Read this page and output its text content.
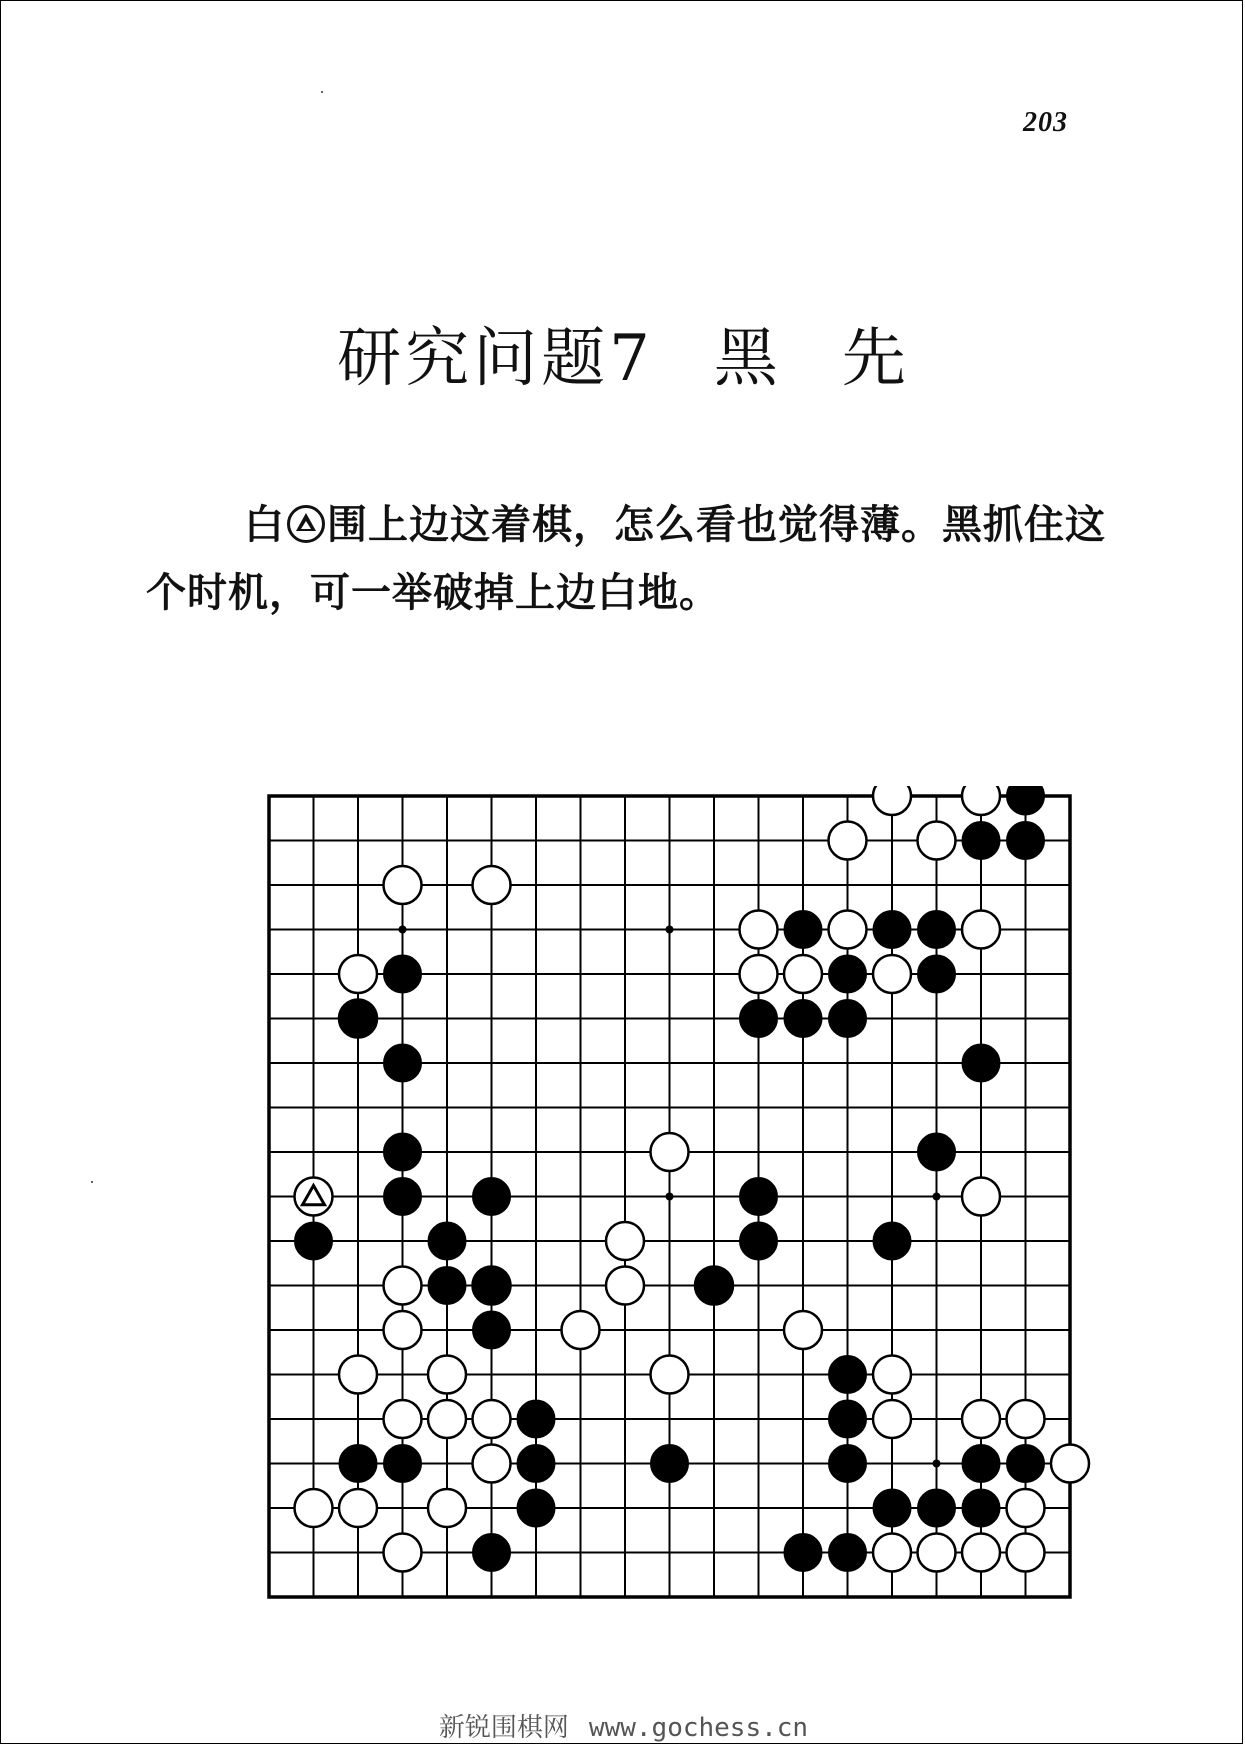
203
研究问题7 黑 先
白 围上边这着棋，怎么看也觉得薄。黑抓住这个时机，可一举破掉上边白地。
新锐围棋网 www.gochess.cn
